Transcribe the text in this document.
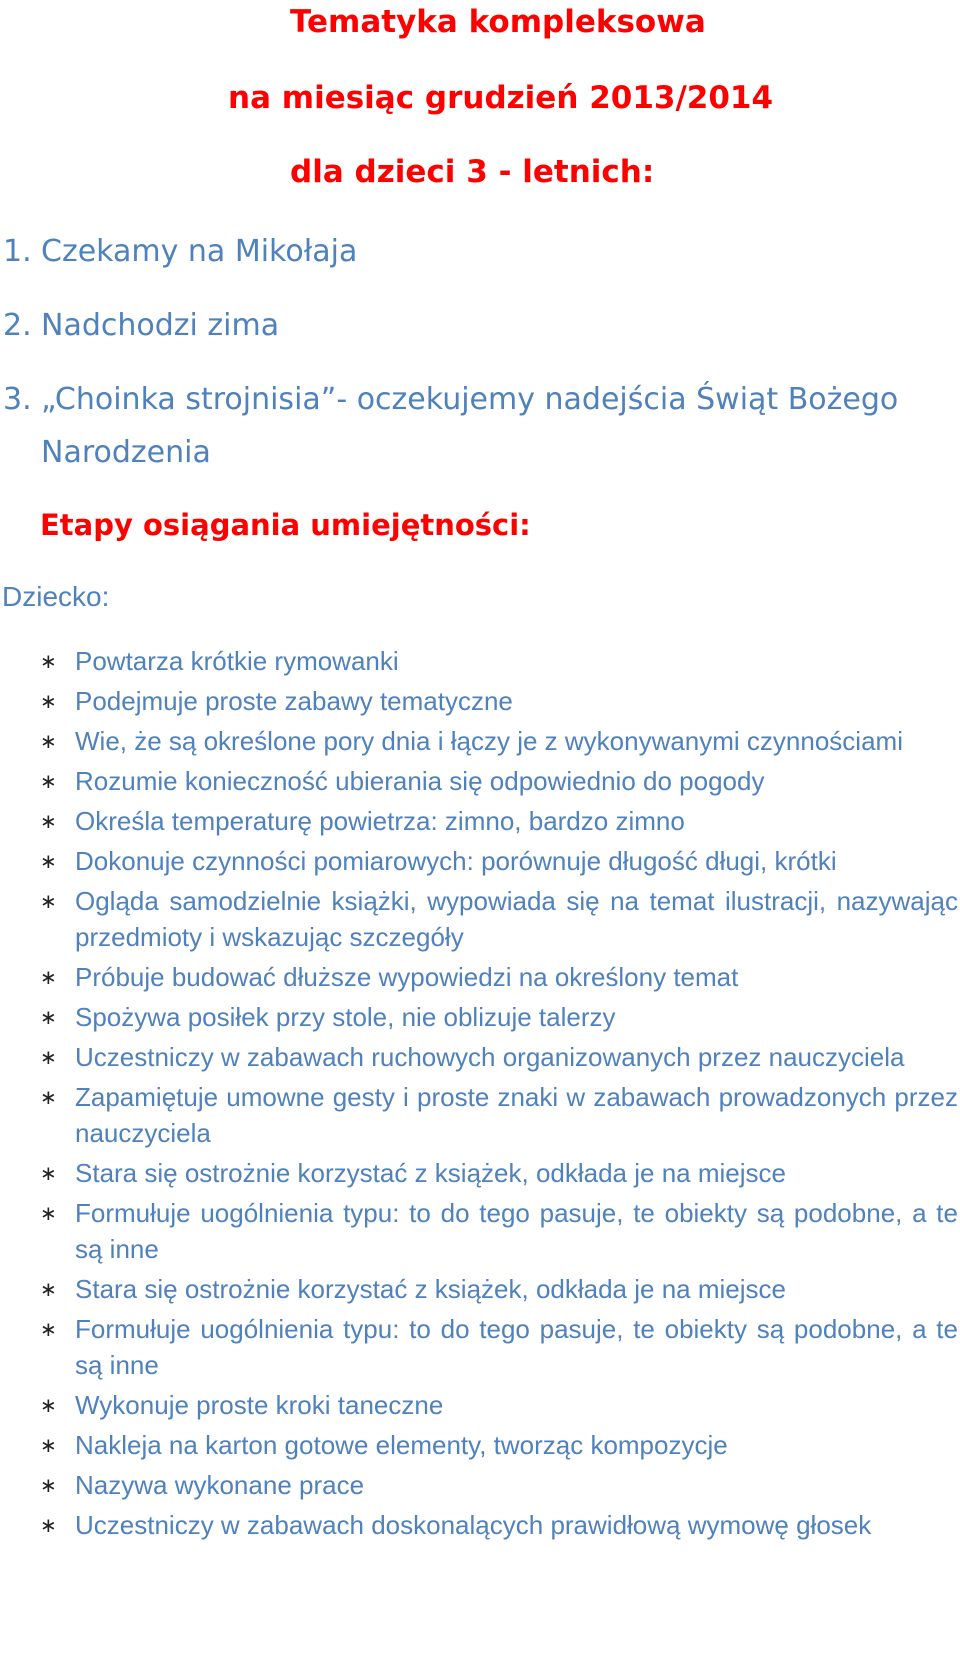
Tematyka kompleksowa
na miesiąc grudzień 2013/2014
dla dzieci 3 - letnich:
1. Czekamy na Mikołaja
2. Nadchodzi zima
3. „Choinka strojnisia”- oczekujemy nadejścia Świąt Bożego Narodzenia
Etapy osiągania umiejętności:
Dziecko:
∗ Powtarza krótkie rymowanki
∗ Podejmuje proste zabawy tematyczne
∗ Wie, że są określone pory dnia i łączy je z wykonywanymi czynnościami
∗ Rozumie konieczność ubierania się odpowiednio do pogody
∗ Określa temperaturę powietrza: zimno, bardzo zimno
∗ Dokonuje czynności pomiarowych: porównuje długość długi, krótki
∗ Ogląda samodzielnie książki, wypowiada się na temat ilustracji, nazywając przedmioty i wskazując szczegóły
∗ Próbuje budować dłuższe wypowiedzi na określony temat
∗ Spożywa posiłek przy stole, nie oblizuje talerzy
∗ Uczestniczy w zabawach ruchowych organizowanych przez nauczyciela
∗ Zapamiętuje umowne gesty i proste znaki w zabawach prowadzonych przez nauczyciela
∗ Stara się ostrożnie korzystać z książek, odkłada je na miejsce
∗ Formułuje uogólnienia typu: to do tego pasuje, te obiekty są podobne, a te są inne
∗ Stara się ostrożnie korzystać z książek, odkłada je na miejsce
∗ Formułuje uogólnienia typu: to do tego pasuje, te obiekty są podobne, a te są inne
∗ Wykonuje proste kroki taneczne
∗ Nakleja na karton gotowe elementy, tworząc kompozycje
∗ Nazywa wykonane prace
∗ Uczestniczy w zabawach doskonalących prawidłową wymowę głosek
